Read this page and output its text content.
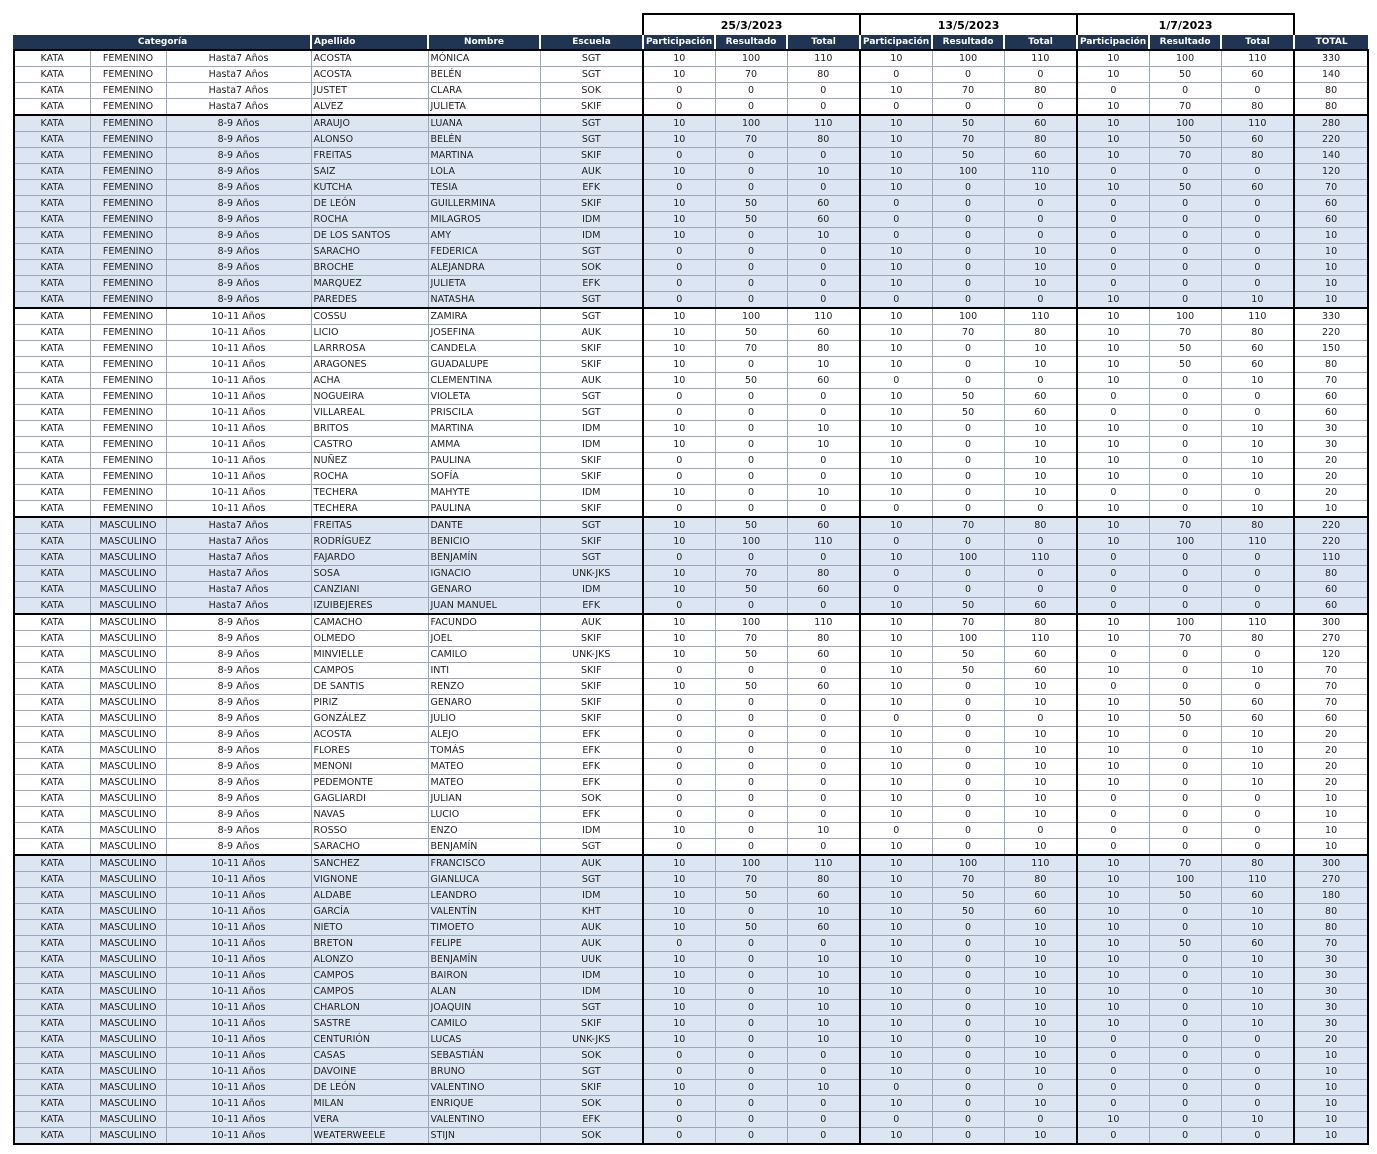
						25/3/2023			13/5/2023			1/7/2023			
Categoría			Apellido	Nombre	Escuela	Participación	Resultado	Total	Participación	Resultado	Total	Participación	Resultado	Total	TOTAL
KATA	FEMENINO	Hasta7 Años	ACOSTA	MÓNICA	SGT	10	100	110	10	100	110	10	100	110	330
KATA	FEMENINO	Hasta7 Años	ACOSTA	BELÉN	SGT	10	70	80	0	0	0	10	50	60	140
KATA	FEMENINO	Hasta7 Años	JUSTET	CLARA	SOK	0	0	0	10	70	80	0	0	0	80
KATA	FEMENINO	Hasta7 Años	ALVEZ	JULIETA	SKIF	0	0	0	0	0	0	10	70	80	80
KATA	FEMENINO	8-9 Años	ARAUJO	LUANA	SGT	10	100	110	10	50	60	10	100	110	280
KATA	FEMENINO	8-9 Años	ALONSO	BELÉN	SGT	10	70	80	10	70	80	10	50	60	220
KATA	FEMENINO	8-9 Años	FREITAS	MARTINA	SKIF	0	0	0	10	50	60	10	70	80	140
KATA	FEMENINO	8-9 Años	SAIZ	LOLA	AUK	10	0	10	10	100	110	0	0	0	120
KATA	FEMENINO	8-9 Años	KUTCHA	TESIA	EFK	0	0	0	10	0	10	10	50	60	70
KATA	FEMENINO	8-9 Años	DE LEÓN	GUILLERMINA	SKIF	10	50	60	0	0	0	0	0	0	60
KATA	FEMENINO	8-9 Años	ROCHA	MILAGROS	IDM	10	50	60	0	0	0	0	0	0	60
KATA	FEMENINO	8-9 Años	DE LOS SANTOS	AMY	IDM	10	0	10	0	0	0	0	0	0	10
KATA	FEMENINO	8-9 Años	SARACHO	FEDERICA	SGT	0	0	0	10	0	10	0	0	0	10
KATA	FEMENINO	8-9 Años	BROCHE	ALEJANDRA	SOK	0	0	0	10	0	10	0	0	0	10
KATA	FEMENINO	8-9 Años	MARQUEZ	JULIETA	EFK	0	0	0	10	0	10	0	0	0	10
KATA	FEMENINO	8-9 Años	PAREDES	NATASHA	SGT	0	0	0	0	0	0	10	0	10	10
KATA	FEMENINO	10-11 Años	COSSU	ZAMIRA	SGT	10	100	110	10	100	110	10	100	110	330
KATA	FEMENINO	10-11 Años	LICIO	JOSEFINA	AUK	10	50	60	10	70	80	10	70	80	220
KATA	FEMENINO	10-11 Años	LARRROSA	CANDELA	SKIF	10	70	80	10	0	10	10	50	60	150
KATA	FEMENINO	10-11 Años	ARAGONES	GUADALUPE	SKIF	10	0	10	10	0	10	10	50	60	80
KATA	FEMENINO	10-11 Años	ACHA	CLEMENTINA	AUK	10	50	60	0	0	0	10	0	10	70
KATA	FEMENINO	10-11 Años	NOGUEIRA	VIOLETA	SGT	0	0	0	10	50	60	0	0	0	60
KATA	FEMENINO	10-11 Años	VILLAREAL	PRISCILA	SGT	0	0	0	10	50	60	0	0	0	60
KATA	FEMENINO	10-11 Años	BRITOS	MARTINA	IDM	10	0	10	10	0	10	10	0	10	30
KATA	FEMENINO	10-11 Años	CASTRO	AMMA	IDM	10	0	10	10	0	10	10	0	10	30
KATA	FEMENINO	10-11 Años	NUÑEZ	PAULINA	SKIF	0	0	0	10	0	10	10	0	10	20
KATA	FEMENINO	10-11 Años	ROCHA	SOFÍA	SKIF	0	0	0	10	0	10	10	0	10	20
KATA	FEMENINO	10-11 Años	TECHERA	MAHYTE	IDM	10	0	10	10	0	10	0	0	0	20
KATA	FEMENINO	10-11 Años	TECHERA	PAULINA	SKIF	0	0	0	0	0	0	10	0	10	10
KATA	MASCULINO	Hasta7 Años	FREITAS	DANTE	SGT	10	50	60	10	70	80	10	70	80	220
KATA	MASCULINO	Hasta7 Años	RODRÍGUEZ	BENICIO	SKIF	10	100	110	0	0	0	10	100	110	220
KATA	MASCULINO	Hasta7 Años	FAJARDO	BENJAMÍN	SGT	0	0	0	10	100	110	0	0	0	110
KATA	MASCULINO	Hasta7 Años	SOSA	IGNACIO	UNK-JKS	10	70	80	0	0	0	0	0	0	80
KATA	MASCULINO	Hasta7 Años	CANZIANI	GENARO	IDM	10	50	60	0	0	0	0	0	0	60
KATA	MASCULINO	Hasta7 Años	IZUIBEJERES	JUAN MANUEL	EFK	0	0	0	10	50	60	0	0	0	60
KATA	MASCULINO	8-9 Años	CAMACHO	FACUNDO	AUK	10	100	110	10	70	80	10	100	110	300
KATA	MASCULINO	8-9 Años	OLMEDO	JOEL	SKIF	10	70	80	10	100	110	10	70	80	270
KATA	MASCULINO	8-9 Años	MINVIELLE	CAMILO	UNK-JKS	10	50	60	10	50	60	0	0	0	120
KATA	MASCULINO	8-9 Años	CAMPOS	INTI	SKIF	0	0	0	10	50	60	10	0	10	70
KATA	MASCULINO	8-9 Años	DE SANTIS	RENZO	SKIF	10	50	60	10	0	10	0	0	0	70
KATA	MASCULINO	8-9 Años	PIRIZ	GENARO	SKIF	0	0	0	10	0	10	10	50	60	70
KATA	MASCULINO	8-9 Años	GONZÁLEZ	JULIO	SKIF	0	0	0	0	0	0	10	50	60	60
KATA	MASCULINO	8-9 Años	ACOSTA	ALEJO	EFK	0	0	0	10	0	10	10	0	10	20
KATA	MASCULINO	8-9 Años	FLORES	TOMÁS	EFK	0	0	0	10	0	10	10	0	10	20
KATA	MASCULINO	8-9 Años	MENONI	MATEO	EFK	0	0	0	10	0	10	10	0	10	20
KATA	MASCULINO	8-9 Años	PEDEMONTE	MATEO	EFK	0	0	0	10	0	10	10	0	10	20
KATA	MASCULINO	8-9 Años	GAGLIARDI	JULIAN	SOK	0	0	0	10	0	10	0	0	0	10
KATA	MASCULINO	8-9 Años	NAVAS	LUCIO	EFK	0	0	0	10	0	10	0	0	0	10
KATA	MASCULINO	8-9 Años	ROSSO	ENZO	IDM	10	0	10	0	0	0	0	0	0	10
KATA	MASCULINO	8-9 Años	SARACHO	BENJAMÍN	SGT	0	0	0	10	0	10	0	0	0	10
KATA	MASCULINO	10-11 Años	SANCHEZ	FRANCISCO	AUK	10	100	110	10	100	110	10	70	80	300
KATA	MASCULINO	10-11 Años	VIGNONE	GIANLUCA	SGT	10	70	80	10	70	80	10	100	110	270
KATA	MASCULINO	10-11 Años	ALDABE	LEANDRO	IDM	10	50	60	10	50	60	10	50	60	180
KATA	MASCULINO	10-11 Años	GARCÍA	VALENTÍN	KHT	10	0	10	10	50	60	10	0	10	80
KATA	MASCULINO	10-11 Años	NIETO	TIMOETO	AUK	10	50	60	10	0	10	10	0	10	80
KATA	MASCULINO	10-11 Años	BRETON	FELIPE	AUK	0	0	0	10	0	10	10	50	60	70
KATA	MASCULINO	10-11 Años	ALONZO	BENJAMÍN	UUK	10	0	10	10	0	10	10	0	10	30
KATA	MASCULINO	10-11 Años	CAMPOS	BAIRON	IDM	10	0	10	10	0	10	10	0	10	30
KATA	MASCULINO	10-11 Años	CAMPOS	ALAN	IDM	10	0	10	10	0	10	10	0	10	30
KATA	MASCULINO	10-11 Años	CHARLON	JOAQUIN	SGT	10	0	10	10	0	10	10	0	10	30
KATA	MASCULINO	10-11 Años	SASTRE	CAMILO	SKIF	10	0	10	10	0	10	10	0	10	30
KATA	MASCULINO	10-11 Años	CENTURIÓN	LUCAS	UNK-JKS	10	0	10	10	0	10	0	0	0	20
KATA	MASCULINO	10-11 Años	CASAS	SEBASTIÁN	SOK	0	0	0	10	0	10	0	0	0	10
KATA	MASCULINO	10-11 Años	DAVOINE	BRUNO	SGT	0	0	0	10	0	10	0	0	0	10
KATA	MASCULINO	10-11 Años	DE LEÓN	VALENTINO	SKIF	10	0	10	0	0	0	0	0	0	10
KATA	MASCULINO	10-11 Años	MILAN	ENRIQUE	SOK	0	0	0	10	0	10	0	0	0	10
KATA	MASCULINO	10-11 Años	VERA	VALENTINO	EFK	0	0	0	0	0	0	10	0	10	10
KATA	MASCULINO	10-11 Años	WEATERWEELE	STIJN	SOK	0	0	0	10	0	10	0	0	0	10
